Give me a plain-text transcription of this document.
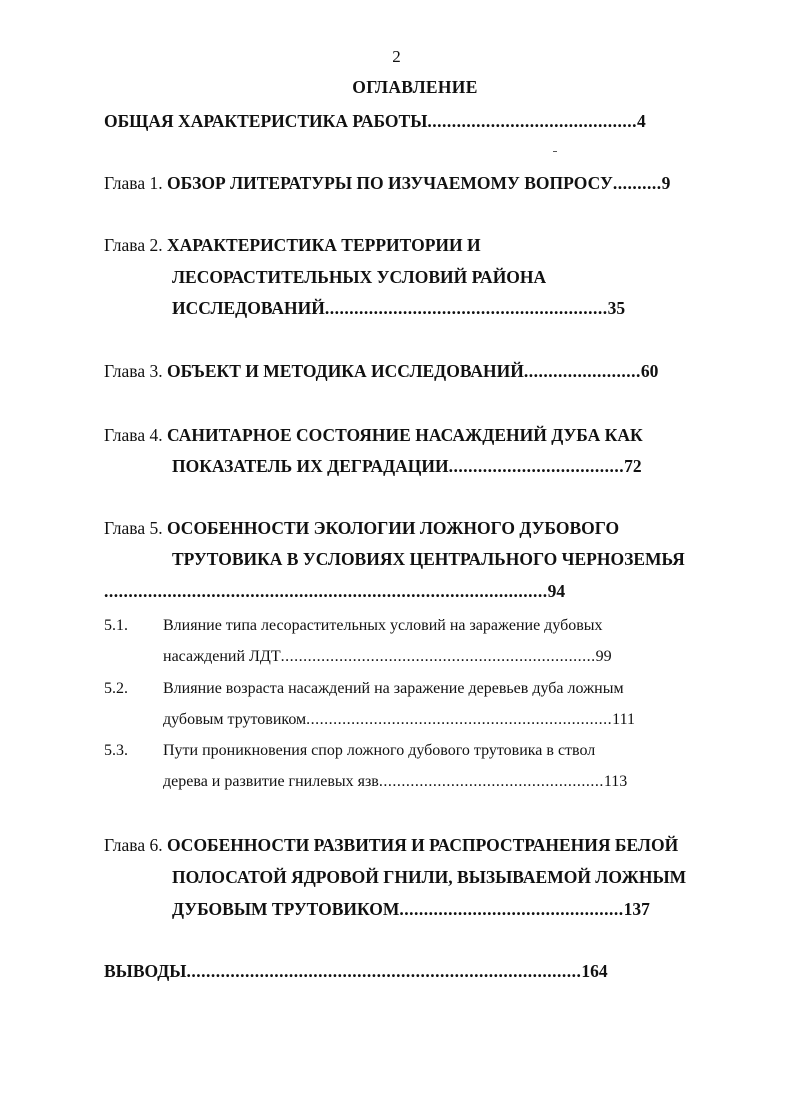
2
ОГЛАВЛЕНИЕ
ОБЩАЯ ХАРАКТЕРИСТИКА РАБОТЫ...........................................4
Глава 1. ОБЗОР ЛИТЕРАТУРЫ ПО ИЗУЧАЕМОМУ ВОПРОСУ..........9
Глава 2. ХАРАКТЕРИСТИКА ТЕРРИТОРИИ И
ЛЕСОРАСТИТЕЛЬНЫХ УСЛОВИЙ РАЙОНА
ИССЛЕДОВАНИЙ..........................................................35
Глава 3. ОБЪЕКТ И МЕТОДИКА ИССЛЕДОВАНИЙ........................60
Глава 4. САНИТАРНОЕ СОСТОЯНИЕ НАСАЖДЕНИЙ ДУБА КАК
ПОКАЗАТЕЛЬ ИХ ДЕГРАДАЦИИ....................................72
Глава 5. ОСОБЕННОСТИ ЭКОЛОГИИ ЛОЖНОГО ДУБОВОГО
ТРУТОВИКА В УСЛОВИЯХ ЦЕНТРАЛЬНОГО ЧЕРНОЗЕМЬЯ
...........................................................................................94
5.1. Влияние типа лесорастительных условий на заражение дубовых
насаждений ЛДТ......................................................................99
5.2. Влияние возраста насаждений на заражение деревьев дуба ложным
дубовым трутовиком....................................................................111
5.3. Пути проникновения спор ложного дубового трутовика в ствол
дерева и развитие гнилевых язв..................................................113
Глава 6. ОСОБЕННОСТИ РАЗВИТИЯ И РАСПРОСТРАНЕНИЯ БЕЛОЙ
ПОЛОСАТОЙ ЯДРОВОЙ ГНИЛИ, ВЫЗЫВАЕМОЙ ЛОЖНЫМ
ДУБОВЫМ ТРУТОВИКОМ..............................................137
ВЫВОДЫ.................................................................................164
